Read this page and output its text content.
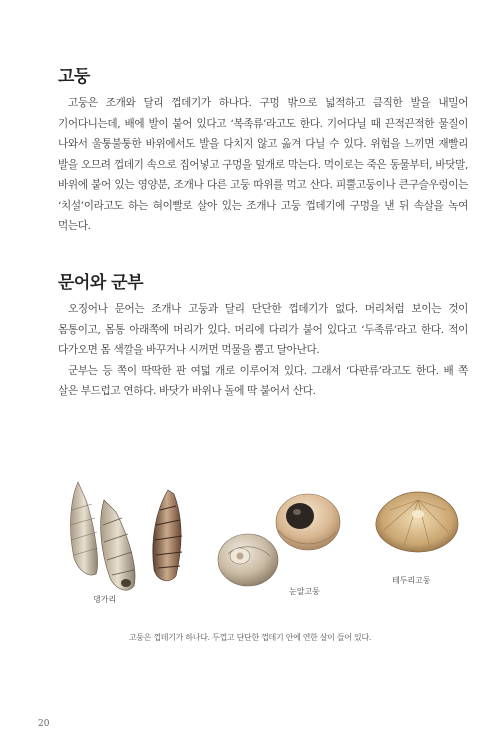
고둥

고둥은 조개와 달리 껍데기가 하나다. 구멍 밖으로 넓적하고 큼직한 발을 내밀어 기어다니는데, 배에 발이 붙어 있다고 ‘복족류’라고도 한다. 기어다닐 때 끈적끈적한 물질이 나와서 울퉁불퉁한 바위에서도 발을 다치지 않고 옮겨 다닐 수 있다. 위험을 느끼면 재빨리 발을 오므려 껍데기 속으로 집어넣고 구멍을 덮개로 막는다. 먹이로는 죽은 동물부터, 바닷말, 바위에 붙어 있는 영양분, 조개나 다른 고둥 따위를 먹고 산다. 피뿔고둥이나 큰구슬우렁이는 ‘치설’이라고도 하는 혀이빨로 살아 있는 조개나 고둥 껍데기에 구멍을 낸 뒤 속살을 녹여 먹는다.

문어와 군부

오징어나 문어는 조개나 고둥과 달리 단단한 껍데기가 없다. 머리처럼 보이는 것이 몸통이고, 몸통 아래쪽에 머리가 있다. 머리에 다리가 붙어 있다고 ‘두족류’라고 한다. 적이 다가오면 몸 색깔을 바꾸거나 시꺼먼 먹물을 뿜고 달아난다.

군부는 등 쪽이 딱딱한 판 여덟 개로 이루어져 있다. 그래서 ‘다판류’라고도 한다. 배 쪽 살은 부드럽고 연하다. 바닷가 바위나 돌에 딱 붙어서 산다.

댕가리
눈알고둥
테두리고둥
고둥은 껍데기가 하나다. 두껍고 단단한 껍데기 안에 연한 살이 들어 있다.
20
